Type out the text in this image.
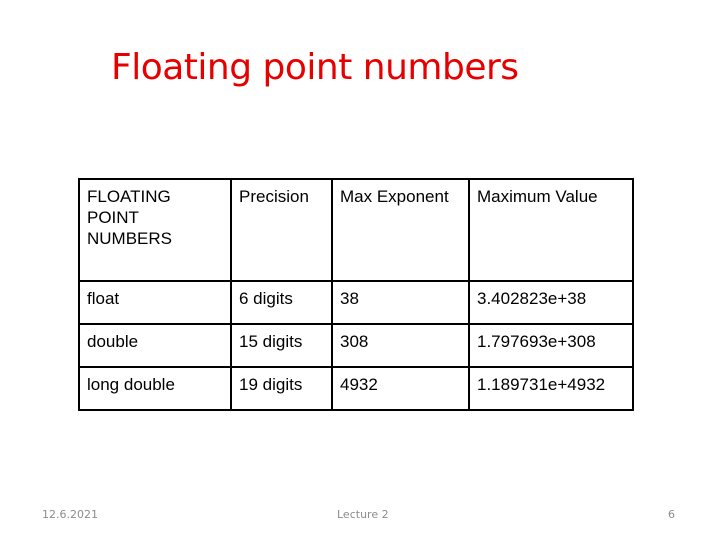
Floating point numbers
FLOATING POINT NUMBERS	Precision	Max Exponent	Maximum Value
float	6 digits	38	3.402823e+38
double	15 digits	308	1.797693e+308
long double	19 digits	4932	1.189731e+4932
12.6.2021	Lecture 2	6
